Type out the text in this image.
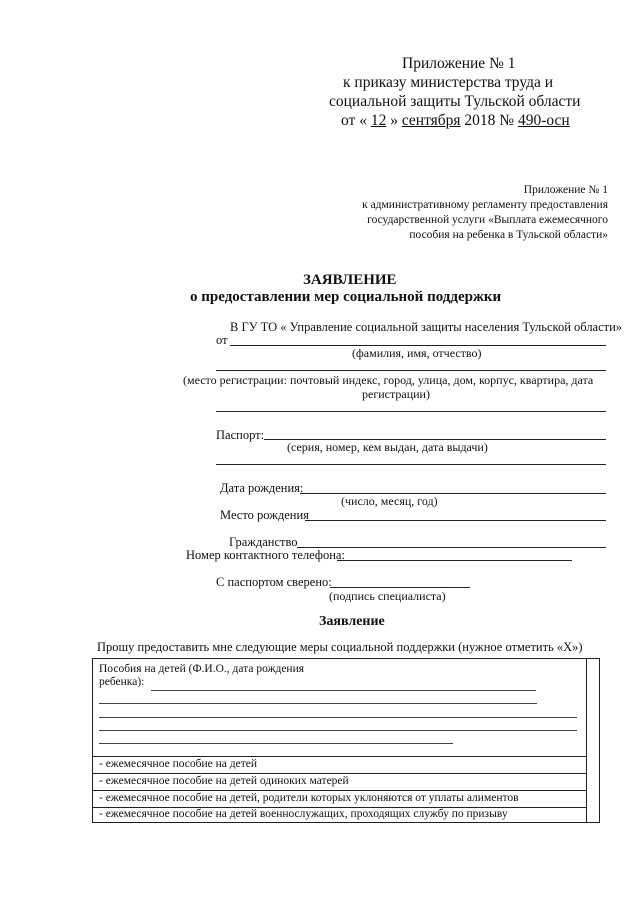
Приложение № 1
к приказу министерства труда и
социальной защиты Тульской области
от « 12 » сентября 2018 № 490-осн
Приложение № 1
к административному регламенту предоставления
государственной услуги «Выплата ежемесячного
пособия на ребенка в Тульской области»
ЗАЯВЛЕНИЕ
о предоставлении мер социальной поддержки
В ГУ ТО « Управление социальной защиты населения Тульской области»
от
(фамилия, имя, отчество)
(место регистрации: почтовый индекс, город, улица, дом, корпус, квартира, дата
регистрации)
Паспорт:
(серия, номер, кем выдан, дата выдачи)
Дата рождения:
(число, месяц, год)
Место рождения
Гражданство
Номер контактного телефона:
С паспортом сверено:
(подпись специалиста)
Заявление
Прошу предоставить мне следующие меры социальной поддержки (нужное отметить «Х»)
Пособия на детей (Ф.И.О., дата рождения
ребенка):
- ежемесячное пособие на детей
- ежемесячное пособие на детей одиноких матерей
- ежемесячное пособие на детей, родители которых уклоняются от уплаты алиментов
- ежемесячное пособие на детей военнослужащих, проходящих службу по призыву
